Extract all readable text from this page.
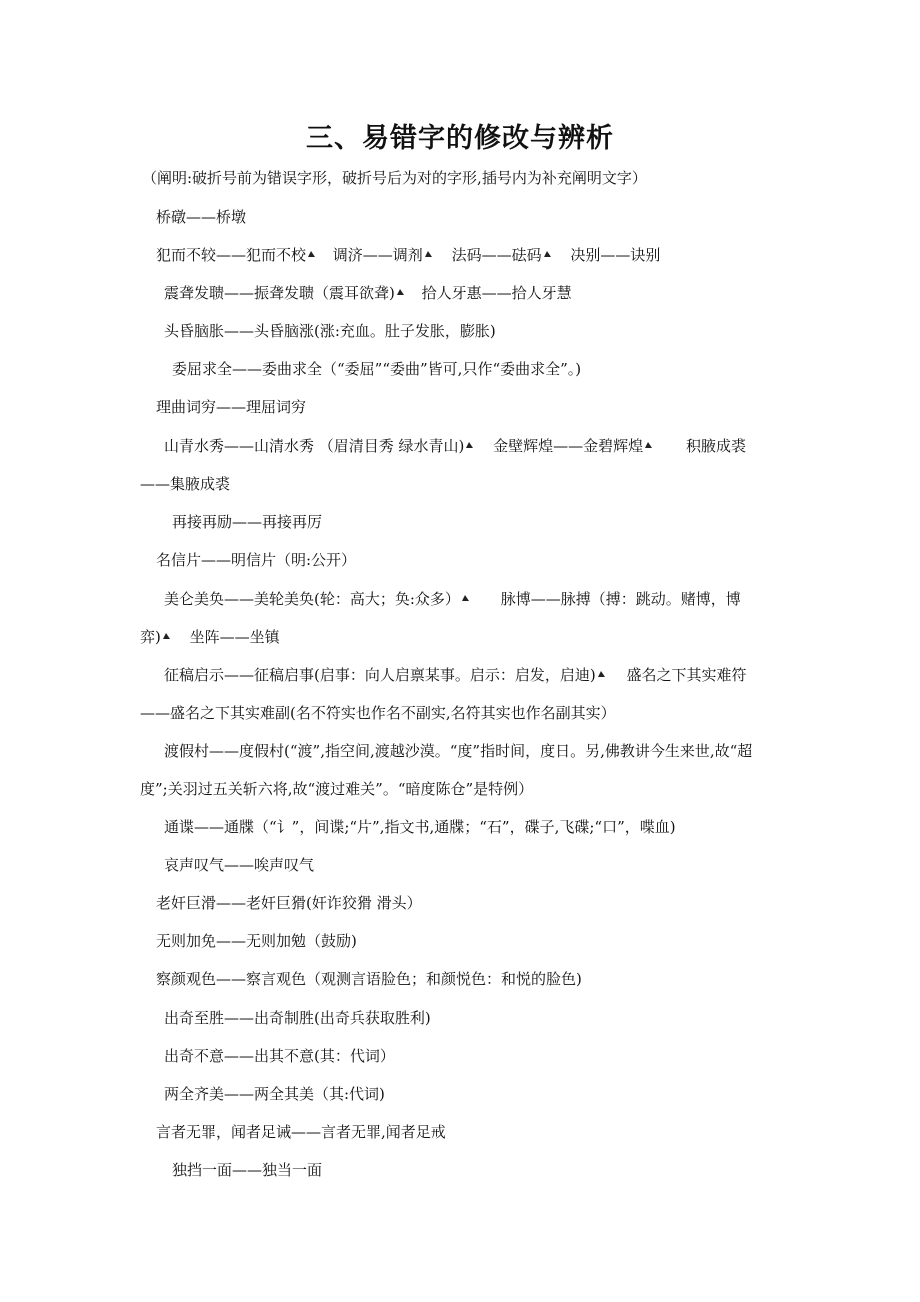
三、易错字的修改与辨析
（阐明:破折号前为错误字形，破折号后为对的字形,插号内为补充阐明文字）
桥礅——桥墩
犯而不较——犯而不校 调济——调剂 法码——砝码 决别——诀别
震聋发聩——振聋发聩（震耳欲聋) 拾人牙惠——拾人牙慧
头昏脑胀——头昏脑涨(涨:充血。肚子发胀，膨胀)
委屈求全——委曲求全（“委屈”“委曲”皆可,只作“委曲求全”。)
理曲词穷——理屈词穷
山青水秀——山清水秀 （眉清目秀 绿水青山) 金壁辉煌——金碧辉煌	积腋成裘
——集腋成裘
再接再励——再接再厉
名信片——明信片（明:公开）
美仑美奂——美轮美奂(轮：高大；奂:众多）	脉博——脉搏（搏：跳动。赌博，博
弈) 坐阵——坐镇
征稿启示——征稿启事(启事：向人启禀某事。启示：启发，启迪) 盛名之下其实难符
——盛名之下其实难副(名不符实也作名不副实,名符其实也作名副其实）
渡假村——度假村(“渡”,指空间,渡越沙漠。“度”指时间，度日。另,佛教讲今生来世,故“超
度”;关羽过五关斩六将,故“渡过难关”。“暗度陈仓”是特例）
通谍——通牒（“讠”，间谍;“片”,指文书,通牒；“石”，碟子,飞碟;“口”，喋血)
哀声叹气——唉声叹气
老奸巨滑——老奸巨猾(奸诈狡猾 滑头）
无则加免——无则加勉（鼓励)
察颜观色——察言观色（观测言语脸色；和颜悦色：和悦的脸色)
出奇至胜——出奇制胜(出奇兵获取胜利)
出奇不意——出其不意(其：代词）
两全齐美——两全其美（其:代词)
言者无罪，闻者足诫——言者无罪,闻者足戒
独挡一面——独当一面
